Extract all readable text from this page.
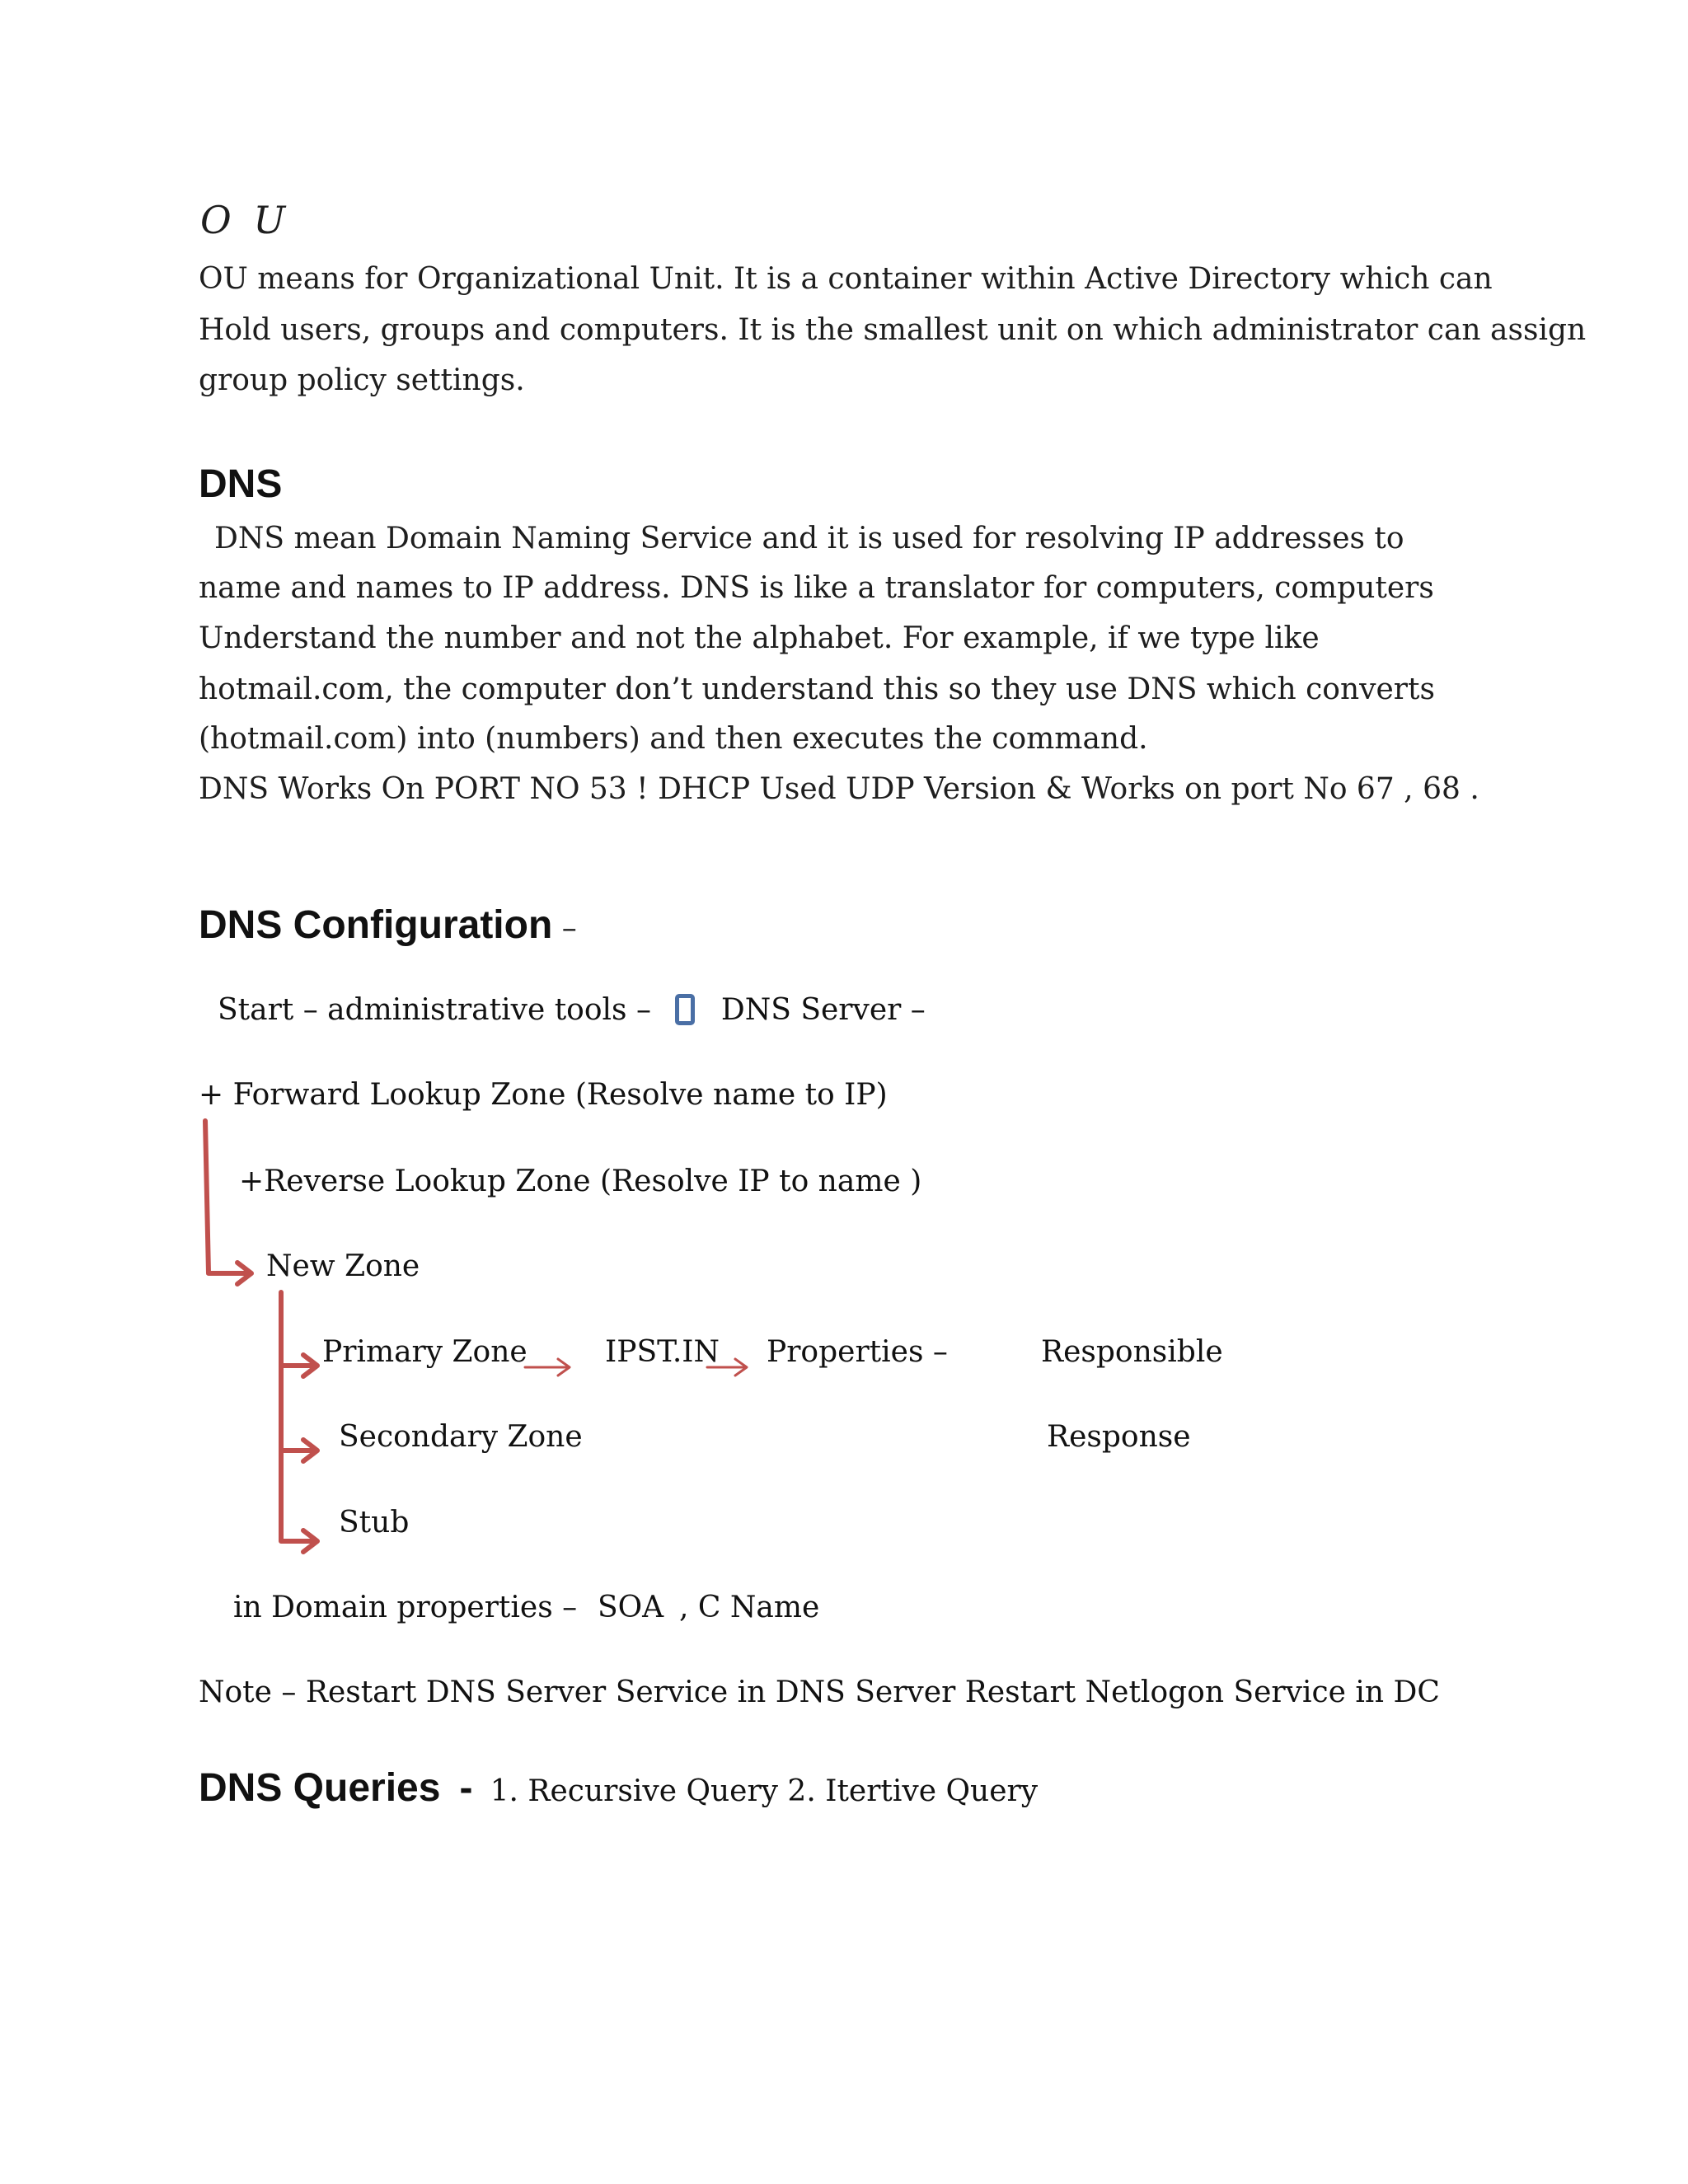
O U
OU means for Organizational Unit. It is a container within Active Directory which can
Hold users, groups and computers. It is the smallest unit on which administrator can assign
group policy settings.
DNS
DNS mean Domain Naming Service and it is used for resolving IP addresses to
name and names to IP address. DNS is like a translator for computers, computers
Understand the number and not the alphabet. For example, if we type like
hotmail.com, the computer don’t understand this so they use DNS which converts
(hotmail.com) into (numbers) and then executes the command.
DNS Works On PORT NO 53 ! DHCP Used UDP Version & Works on port No 67 , 68 .
DNS Configuration –
Start – administrative tools – DNS Server –
+ Forward Lookup Zone (Resolve name to IP)
+Reverse Lookup Zone (Resolve IP to name )
New Zone
Primary Zone	IPST.IN Properties –	Responsible
Secondary Zone	Response
Stub
in Domain properties – SOA , C Name
Note – Restart DNS Server Service in DNS Server Restart Netlogon Service in DC
DNS Queries - 1. Recursive Query 2. Itertive Query
